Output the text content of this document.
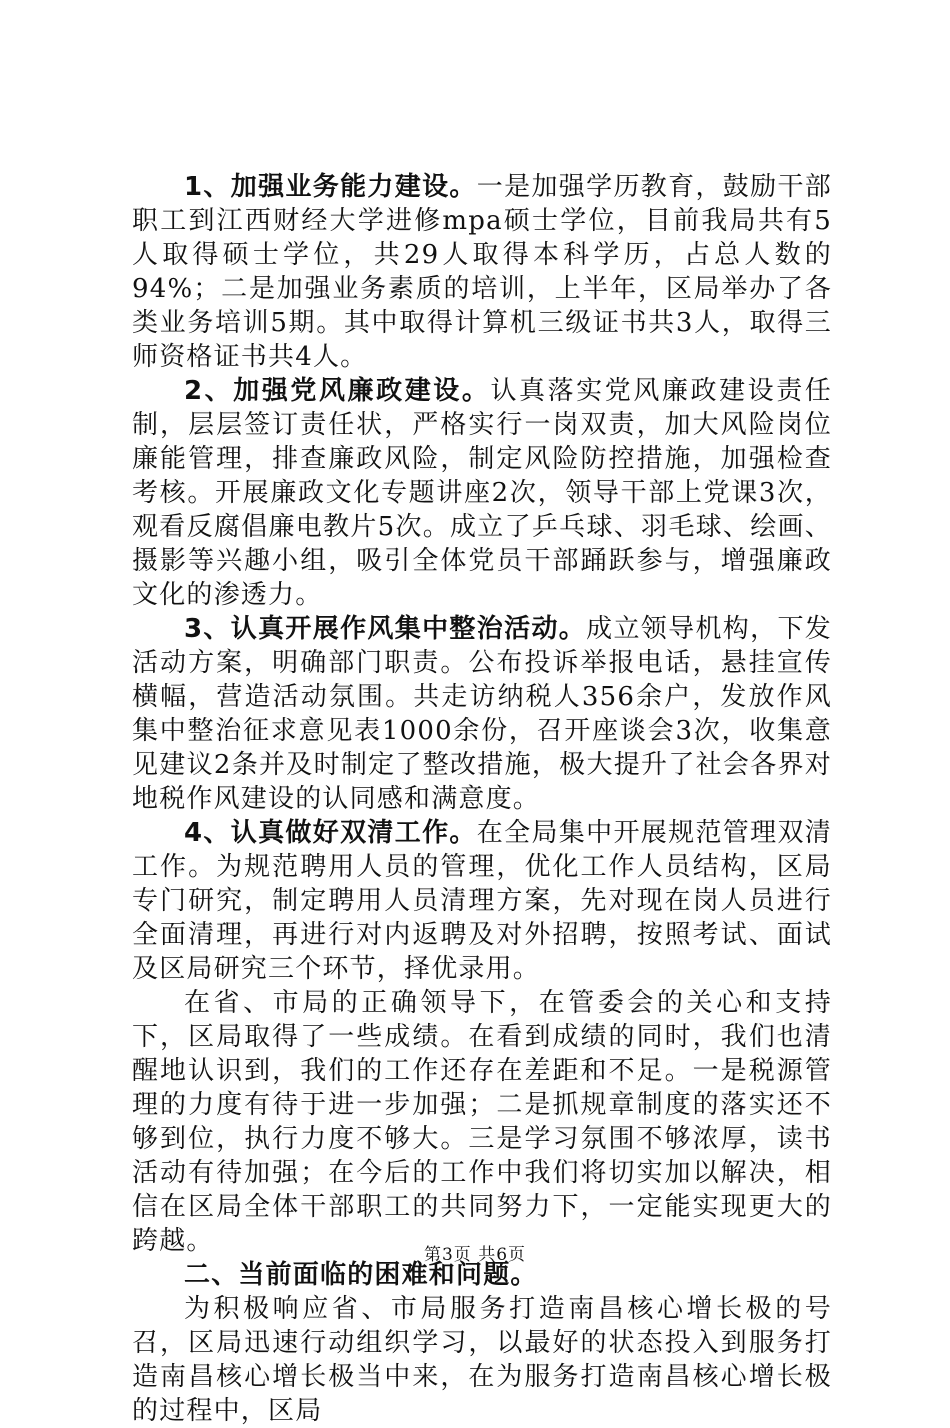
1、加强业务能力建设。一是加强学历教育，鼓励干部职工到江西财经大学进修mpa硕士学位，目前我局共有5人取得硕士学位，共29人取得本科学历，占总人数的94%；二是加强业务素质的培训，上半年，区局举办了各类业务培训5期。其中取得计算机三级证书共3人，取得三师资格证书共4人。

2、加强党风廉政建设。认真落实党风廉政建设责任制，层层签订责任状，严格实行一岗双责，加大风险岗位廉能管理，排查廉政风险，制定风险防控措施，加强检查考核。开展廉政文化专题讲座2次，领导干部上党课3次，观看反腐倡廉电教片5次。成立了乒乓球、羽毛球、绘画、摄影等兴趣小组，吸引全体党员干部踊跃参与，增强廉政文化的渗透力。

3、认真开展作风集中整治活动。成立领导机构，下发活动方案，明确部门职责。公布投诉举报电话，悬挂宣传横幅，营造活动氛围。共走访纳税人356余户，发放作风集中整治征求意见表1000余份，召开座谈会3次，收集意见建议2条并及时制定了整改措施，极大提升了社会各界对地税作风建设的认同感和满意度。

4、认真做好双清工作。在全局集中开展规范管理双清工作。为规范聘用人员的管理，优化工作人员结构，区局专门研究，制定聘用人员清理方案，先对现在岗人员进行全面清理，再进行对内返聘及对外招聘，按照考试、面试及区局研究三个环节，择优录用。

在省、市局的正确领导下，在管委会的关心和支持下，区局取得了一些成绩。在看到成绩的同时，我们也清醒地认识到，我们的工作还存在差距和不足。一是税源管理的力度有待于进一步加强；二是抓规章制度的落实还不够到位，执行力度不够大。三是学习氛围不够浓厚，读书活动有待加强；在今后的工作中我们将切实加以解决，相信在区局全体干部职工的共同努力下，一定能实现更大的跨越。

二、当前面临的困难和问题。

为积极响应省、市局服务打造南昌核心增长极的号召，区局迅速行动组织学习，以最好的状态投入到服务打造南昌核心增长极当中来，在为服务打造南昌核心增长极的过程中，区局

第3页 共6页
